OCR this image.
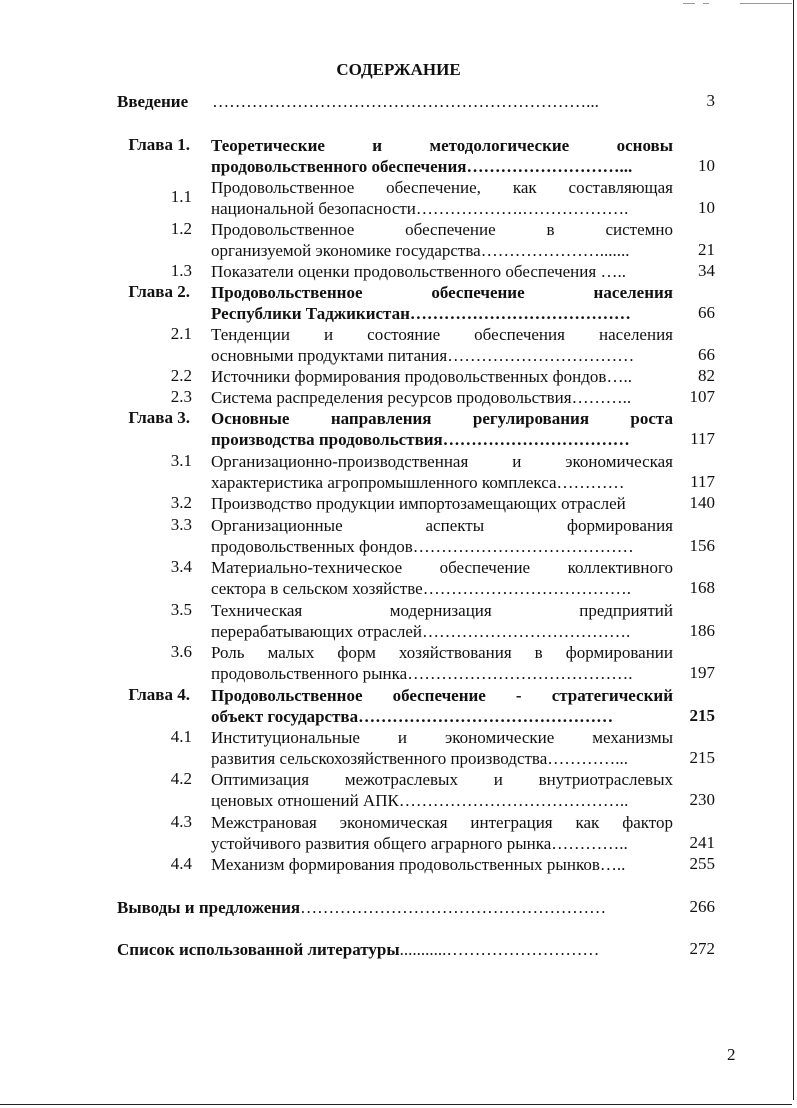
СОДЕРЖАНИЕ
Введение …………………………………………………………...	3
Глава 1. Теоретические и методологические основы
продовольственного обеспечения………………………...	10
1.1 Продовольственное обеспечение, как составляющая
национальной безопасности……………….……………….	10
1.2 Продовольственное обеспечение в системно
организуемой экономике государства………………….......	21
1.3 Показатели оценки продовольственного обеспечения …..	34
Глава 2. Продовольственное обеспечение населения
Республики Таджикистан…………………………………	66
2.1 Тенденции и состояние обеспечения населения
основными продуктами питания……………………………	66
2.2 Источники формирования продовольственных фондов…..	82
2.3 Система распределения ресурсов продовольствия………..	107
Глава 3. Основные направления регулирования роста
производства продовольствия……………………………	117
3.1 Организационно-производственная и экономическая
характеристика агропромышленного комплекса…………	117
3.2 Производство продукции импортозамещающих отраслей	140
3.3 Организационные аспекты формирования
продовольственных фондов…………………………………	156
3.4 Материально-техническое обеспечение коллективного
сектора в сельском хозяйстве……………………………….	168
3.5 Техническая модернизация предприятий
перерабатывающих отраслей……………………………….	186
3.6 Роль малых форм хозяйствования в формировании
продовольственного рынка………………………………….	197
Глава 4. Продовольственное обеспечение - стратегический
объект государства………………………………………	215
4.1 Институциональные и экономические механизмы
развития сельскохозяйственного производства…………...	215
4.2 Оптимизация межотраслевых и внутриотраслевых
ценовых отношений АПК…………………………………..	230
4.3 Межстрановая экономическая интеграция как фактор
устойчивого развития общего аграрного рынка…………..	241
4.4 Механизм формирования продовольственных рынков…..	255
Выводы и предложения………………………………………………	266
Список использованной литературы...........………………………	272
2
